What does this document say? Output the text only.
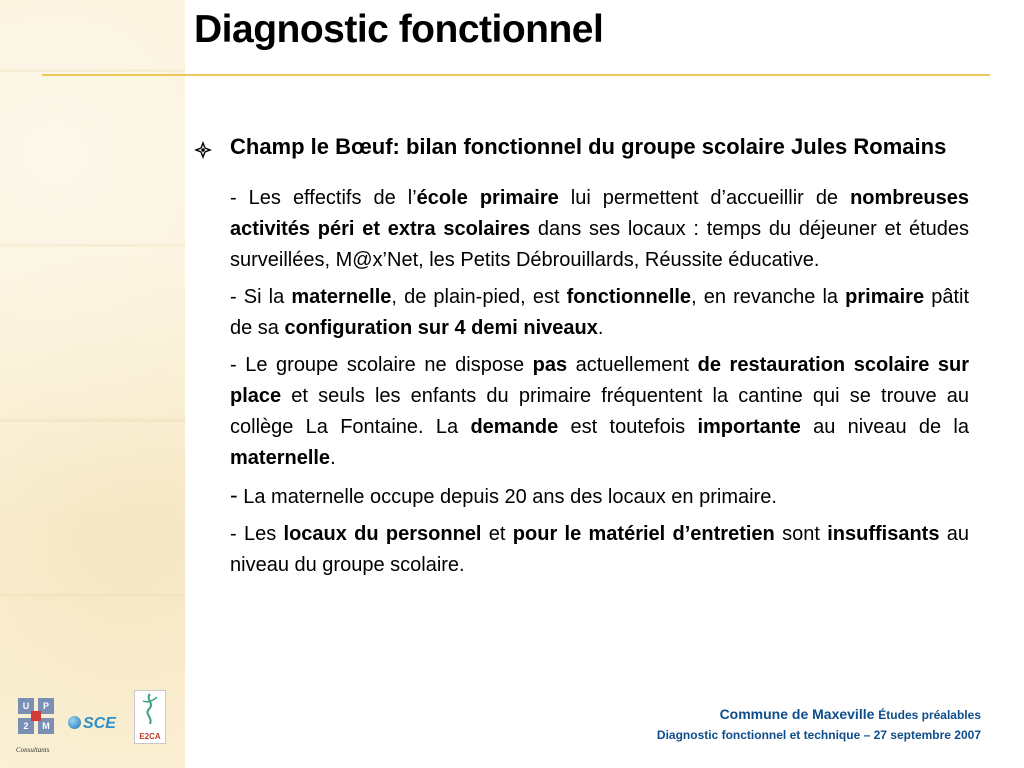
Diagnostic fonctionnel
Champ le Bœuf: bilan fonctionnel du groupe scolaire Jules Romains

- Les effectifs de l’école primaire lui permettent d’accueillir de nombreuses activités péri et extra scolaires dans ses locaux : temps du déjeuner et études surveillées, M@x’Net, les Petits Débrouillards, Réussite éducative.

- Si la maternelle, de plain-pied, est fonctionnelle, en revanche la primaire pâtit de sa configuration sur 4 demi niveaux.

- Le groupe scolaire ne dispose pas actuellement de restauration scolaire sur place et seuls les enfants du primaire fréquentent la cantine qui se trouve au collège La Fontaine. La demande est toutefois importante au niveau de la maternelle.

- La maternelle occupe depuis 20 ans des locaux en primaire.

- Les locaux du personnel et pour le matériel d’entretien sont insuffisants au niveau du groupe scolaire.

U	P
2	M
Consultants
SCE
E2CA
Commune de Maxeville Études préalables
Diagnostic fonctionnel et technique – 27 septembre 2007
